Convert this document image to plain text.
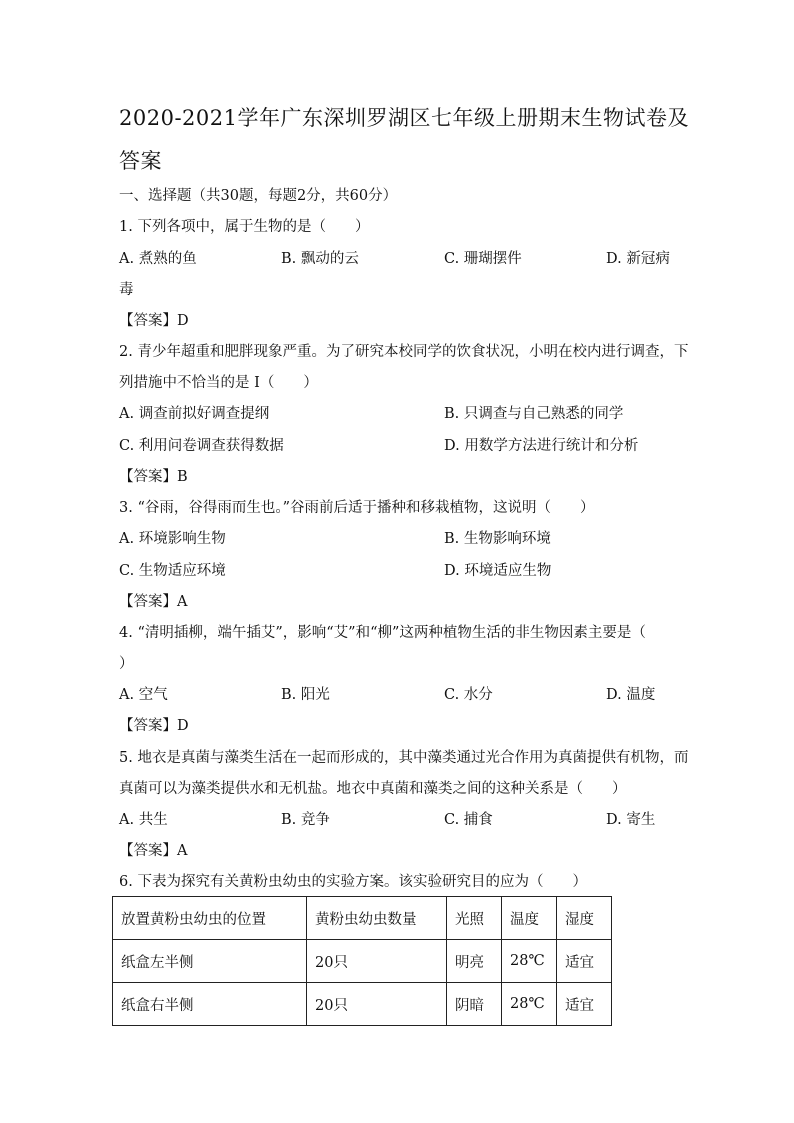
2020-2021学年广东深圳罗湖区七年级上册期末生物试卷及
答案
一、选择题（共30题，每题2分，共60分）
1. 下列各项中，属于生物的是（　　）
A. 煮熟的鱼	B. 飘动的云	C. 珊瑚摆件	D. 新冠病
毒
【答案】D
2. 青少年超重和肥胖现象严重。为了研究本校同学的饮食状况，小明在校内进行调查，下
列措施中不恰当的是 I（　　）
A. 调查前拟好调查提纲	B. 只调查与自己熟悉的同学
C. 利用问卷调查获得数据	D. 用数学方法进行统计和分析
【答案】B
3. “谷雨，谷得雨而生也。”谷雨前后适于播种和移栽植物，这说明（　　）
A. 环境影响生物	B. 生物影响环境
C. 生物适应环境	D. 环境适应生物
【答案】A
4. “清明插柳，端午插艾”，影响“艾”和“柳”这两种植物生活的非生物因素主要是（
）
A. 空气	B. 阳光	C. 水分	D. 温度
【答案】D
5. 地衣是真菌与藻类生活在一起而形成的，其中藻类通过光合作用为真菌提供有机物，而
真菌可以为藻类提供水和无机盐。地衣中真菌和藻类之间的这种关系是（　　）
A. 共生	B. 竞争	C. 捕食	D. 寄生
【答案】A
6. 下表为探究有关黄粉虫幼虫的实验方案。该实验研究目的应为（　　）
放置黄粉虫幼虫的位置	黄粉虫幼虫数量	光照	温度	湿度
纸盒左半侧	20只	明亮	28℃	适宜
纸盒右半侧	20只	阴暗	28℃	适宜
